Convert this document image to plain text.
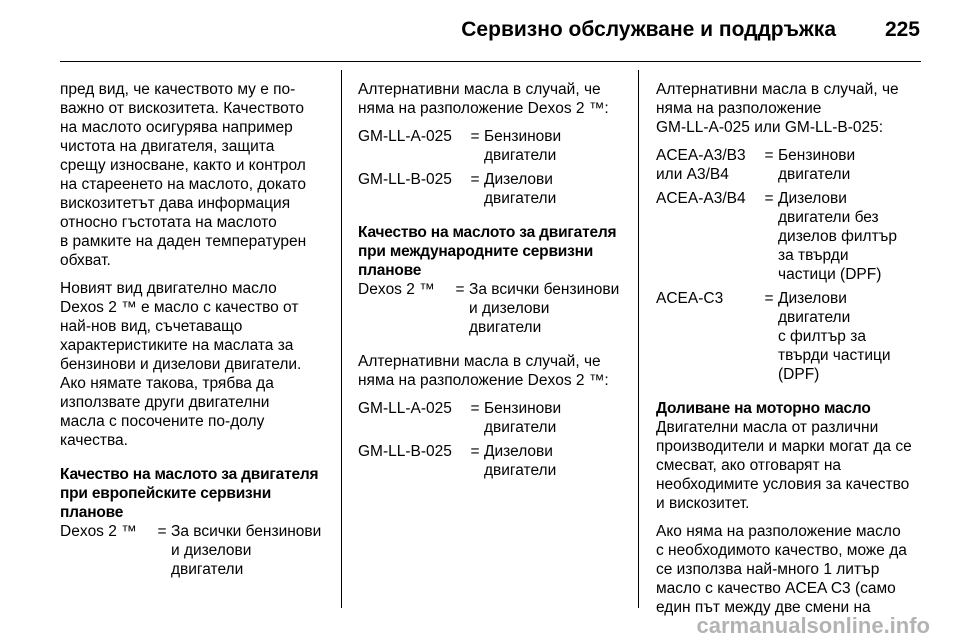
Сервизно обслужване и поддръжка 225

пред вид, че качеството му е по-
важно от вискозитета. Качеството
на маслото осигурява например
чистота на двигателя, защита
срещу износване, както и контрол
на стареенето на маслото, докато
вискозитетът дава информация
относно гъстотата на маслото
в рамките на даден температурен
обхват.

Новият вид двигателно масло
Dexos 2 ™ е масло с качество от
най-нов вид, съчетаващо
характеристиките на маслата за
бензинови и дизелови двигатели.
Ако нямате такова, трябва да
използвате други двигателни
масла с посочените по-долу
качества.

Качество на маслото за двигателя
при европейските сервизни
планове
Dexos 2 ™	=	За всички бензинови
и дизелови
двигатели

Алтернативни масла в случай, че
няма на разположение Dexos 2 ™:

GM-LL-A-025	=	Бензинови
двигатели
GM-LL-B-025	=	Дизелови
двигатели
Качество на маслото за двигателя
при международните сервизни
планове
Dexos 2 ™	=	За всички бензинови
и дизелови
двигатели

Алтернативни масла в случай, че
няма на разположение Dexos 2 ™:

GM-LL-A-025	=	Бензинови
двигатели
GM-LL-B-025	=	Дизелови
двигатели

Алтернативни масла в случай, че
няма на разположение
GM-LL-A-025 или GM-LL-B-025:

ACEA-A3/B3
или A3/B4	=	Бензинови
двигатели
ACEA-A3/B4	=	Дизелови
двигатели без
дизелов филтър
за твърди
частици (DPF)
ACEA-C3	=	Дизелови
двигатели
с филтър за
твърди частици
(DPF)
Доливане на моторно масло

Двигателни масла от различни
производители и марки могат да се
смесват, ако отговарят на
необходимите условия за качество
и вискозитет.

Ако няма на разположение масло
с необходимото качество, може да
се използва най-много 1 литър
масло с качество ACEA C3 (само
един път между две смени на

carmanualsonline.info
